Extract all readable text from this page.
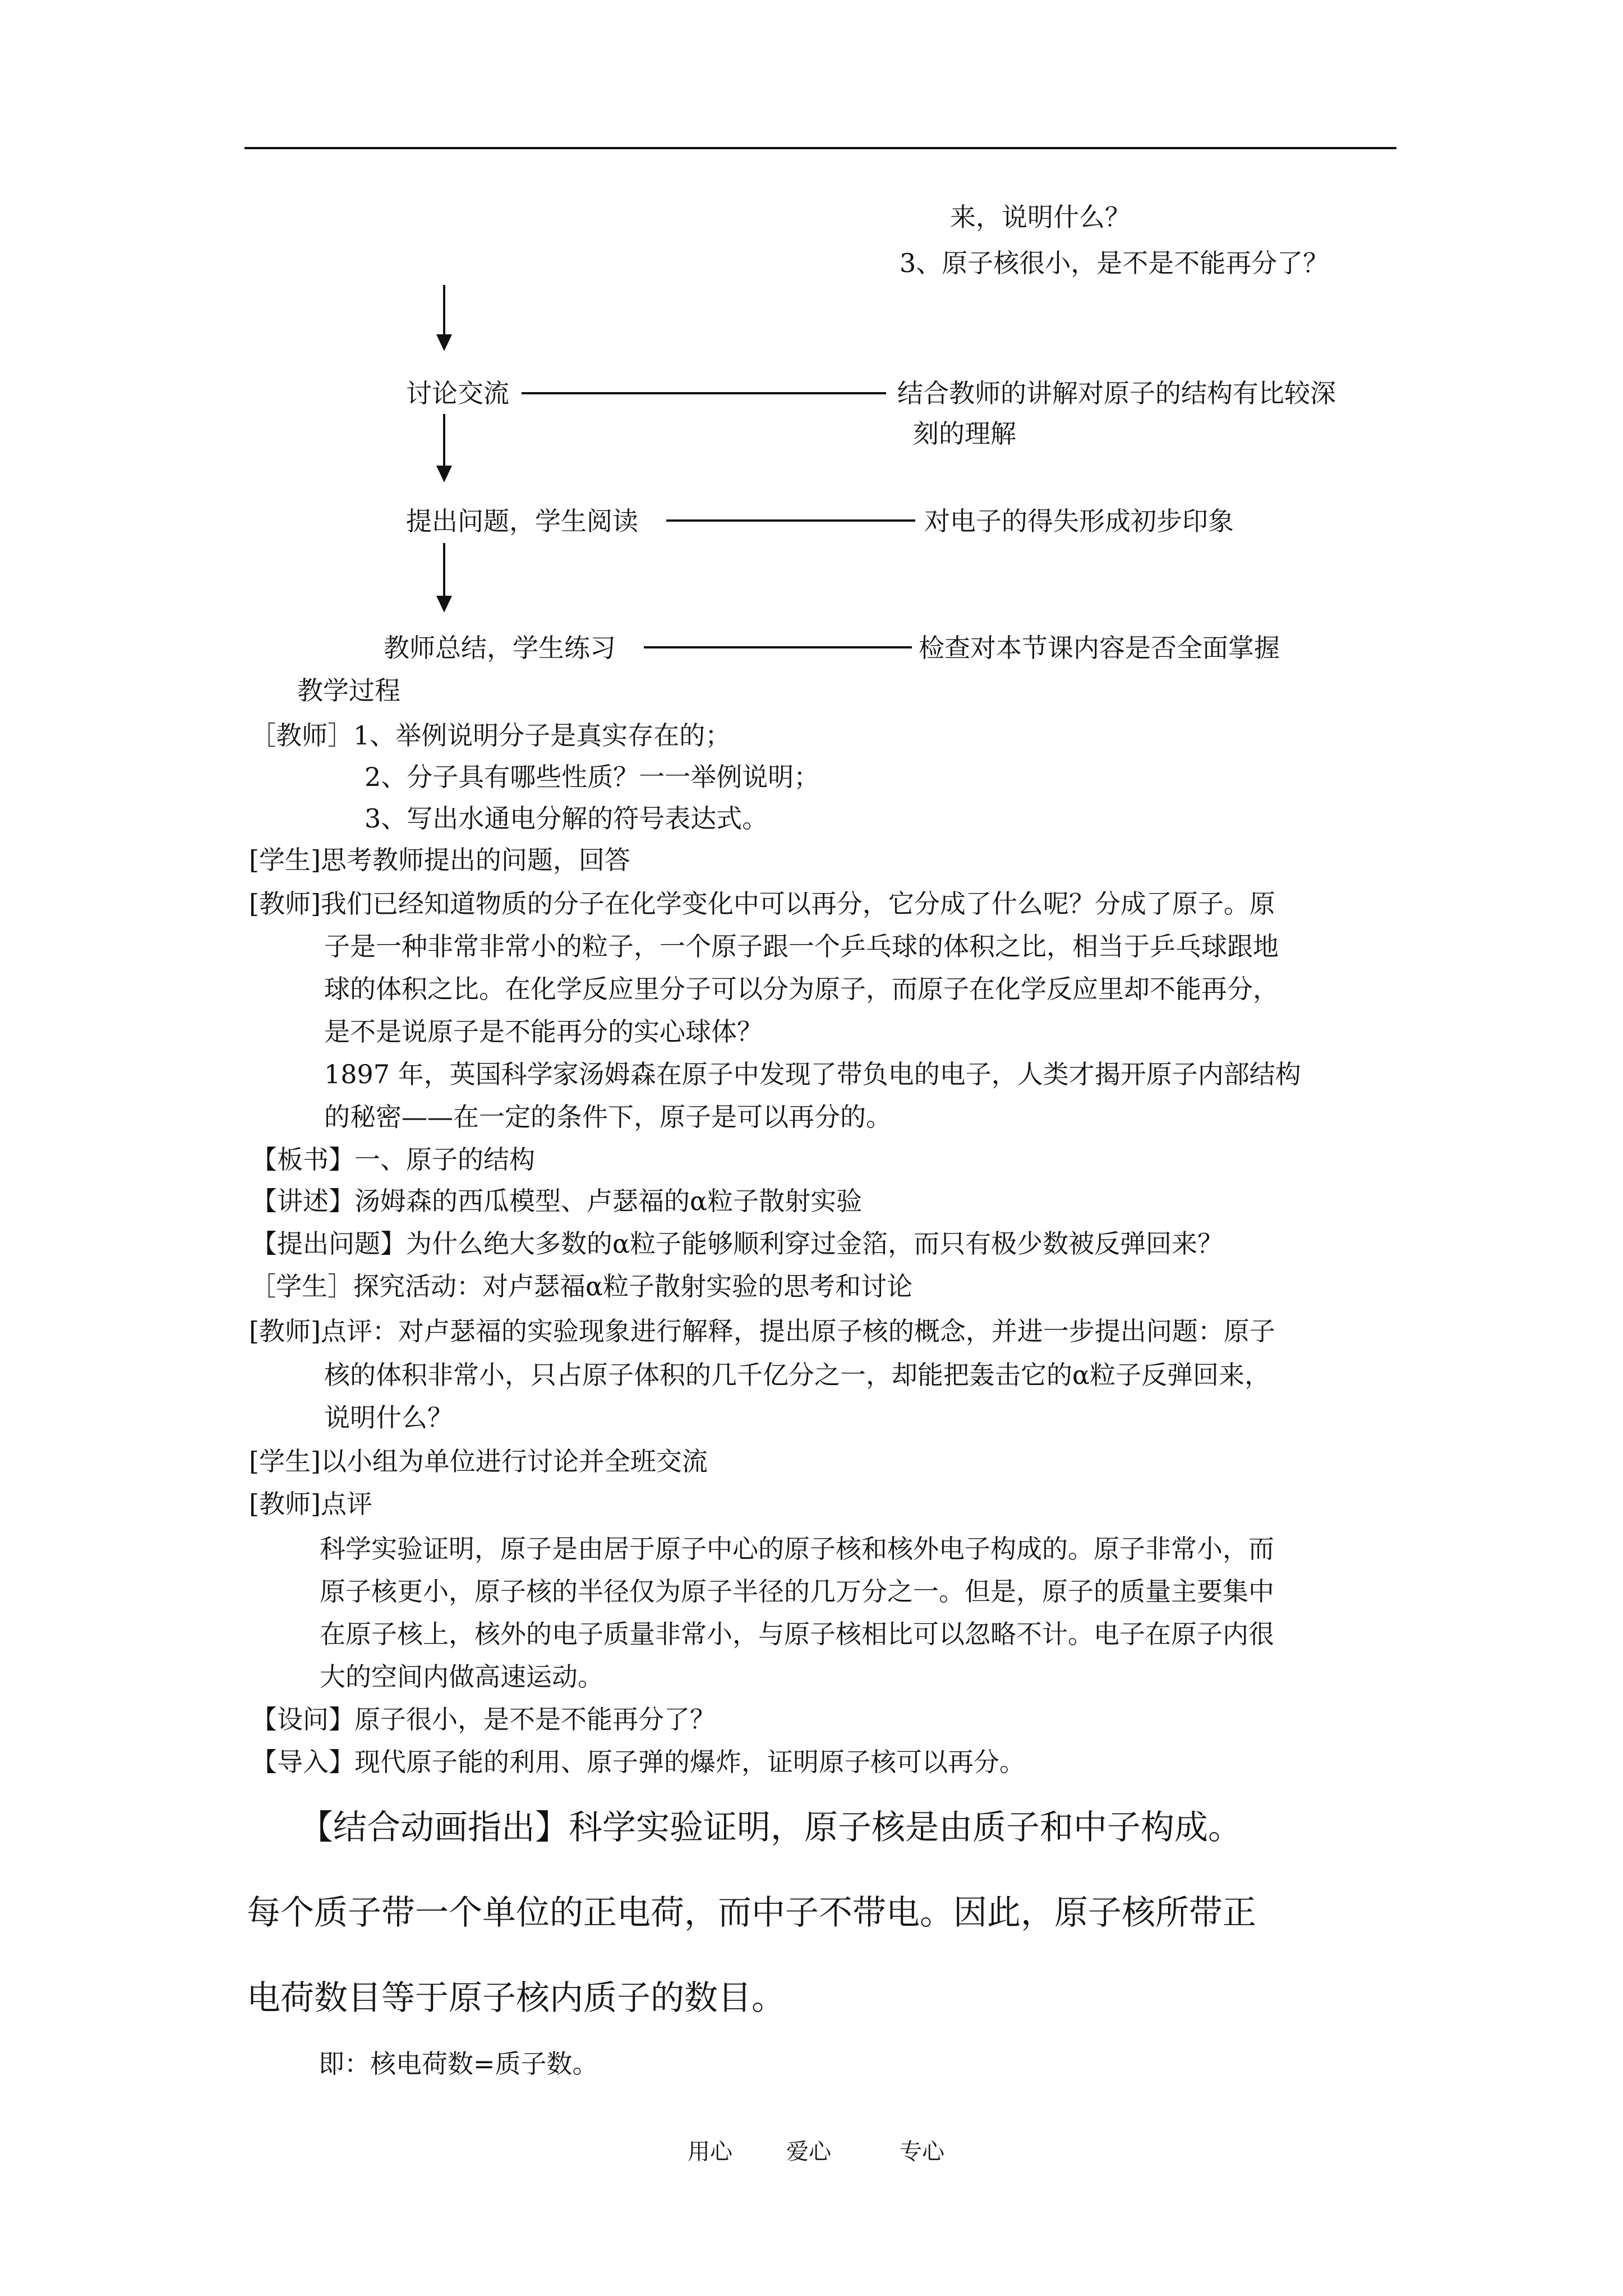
来，说明什么？
3、原子核很小，是不是不能再分了？
讨论交流	结合教师的讲解对原子的结构有比较深
刻的理解
提出问题，学生阅读	对电子的得失形成初步印象
教师总结，学生练习	检查对本节课内容是否全面掌握
教学过程
［教师］1、举例说明分子是真实存在的；
2、分子具有哪些性质？一一举例说明；
3、写出水通电分解的符号表达式。
[学生]思考教师提出的问题，回答
[教师]我们已经知道物质的分子在化学变化中可以再分，它分成了什么呢？分成了原子。原
子是一种非常非常小的粒子，一个原子跟一个乒乓球的体积之比，相当于乒乓球跟地
球的体积之比。在化学反应里分子可以分为原子，而原子在化学反应里却不能再分，
是不是说原子是不能再分的实心球体？
1897 年，英国科学家汤姆森在原子中发现了带负电的电子，人类才揭开原子内部结构
的秘密——在一定的条件下，原子是可以再分的。
【板书】一、原子的结构
【讲述】汤姆森的西瓜模型、卢瑟福的α粒子散射实验
【提出问题】为什么绝大多数的α粒子能够顺利穿过金箔，而只有极少数被反弹回来？
［学生］探究活动：对卢瑟福α粒子散射实验的思考和讨论
[教师]点评：对卢瑟福的实验现象进行解释，提出原子核的概念，并进一步提出问题：原子
核的体积非常小，只占原子体积的几千亿分之一，却能把轰击它的α粒子反弹回来，
说明什么？
[学生]以小组为单位进行讨论并全班交流
[教师]点评
科学实验证明，原子是由居于原子中心的原子核和核外电子构成的。原子非常小，而
原子核更小，原子核的半径仅为原子半径的几万分之一。但是，原子的质量主要集中
在原子核上，核外的电子质量非常小，与原子核相比可以忽略不计。电子在原子内很
大的空间内做高速运动。
【设问】原子很小，是不是不能再分了？
【导入】现代原子能的利用、原子弹的爆炸，证明原子核可以再分。
【结合动画指出】科学实验证明，原子核是由质子和中子构成。
每个质子带一个单位的正电荷，而中子不带电。因此，原子核所带正
电荷数目等于原子核内质子的数目。
即：核电荷数=质子数。
用心 爱心	专心
